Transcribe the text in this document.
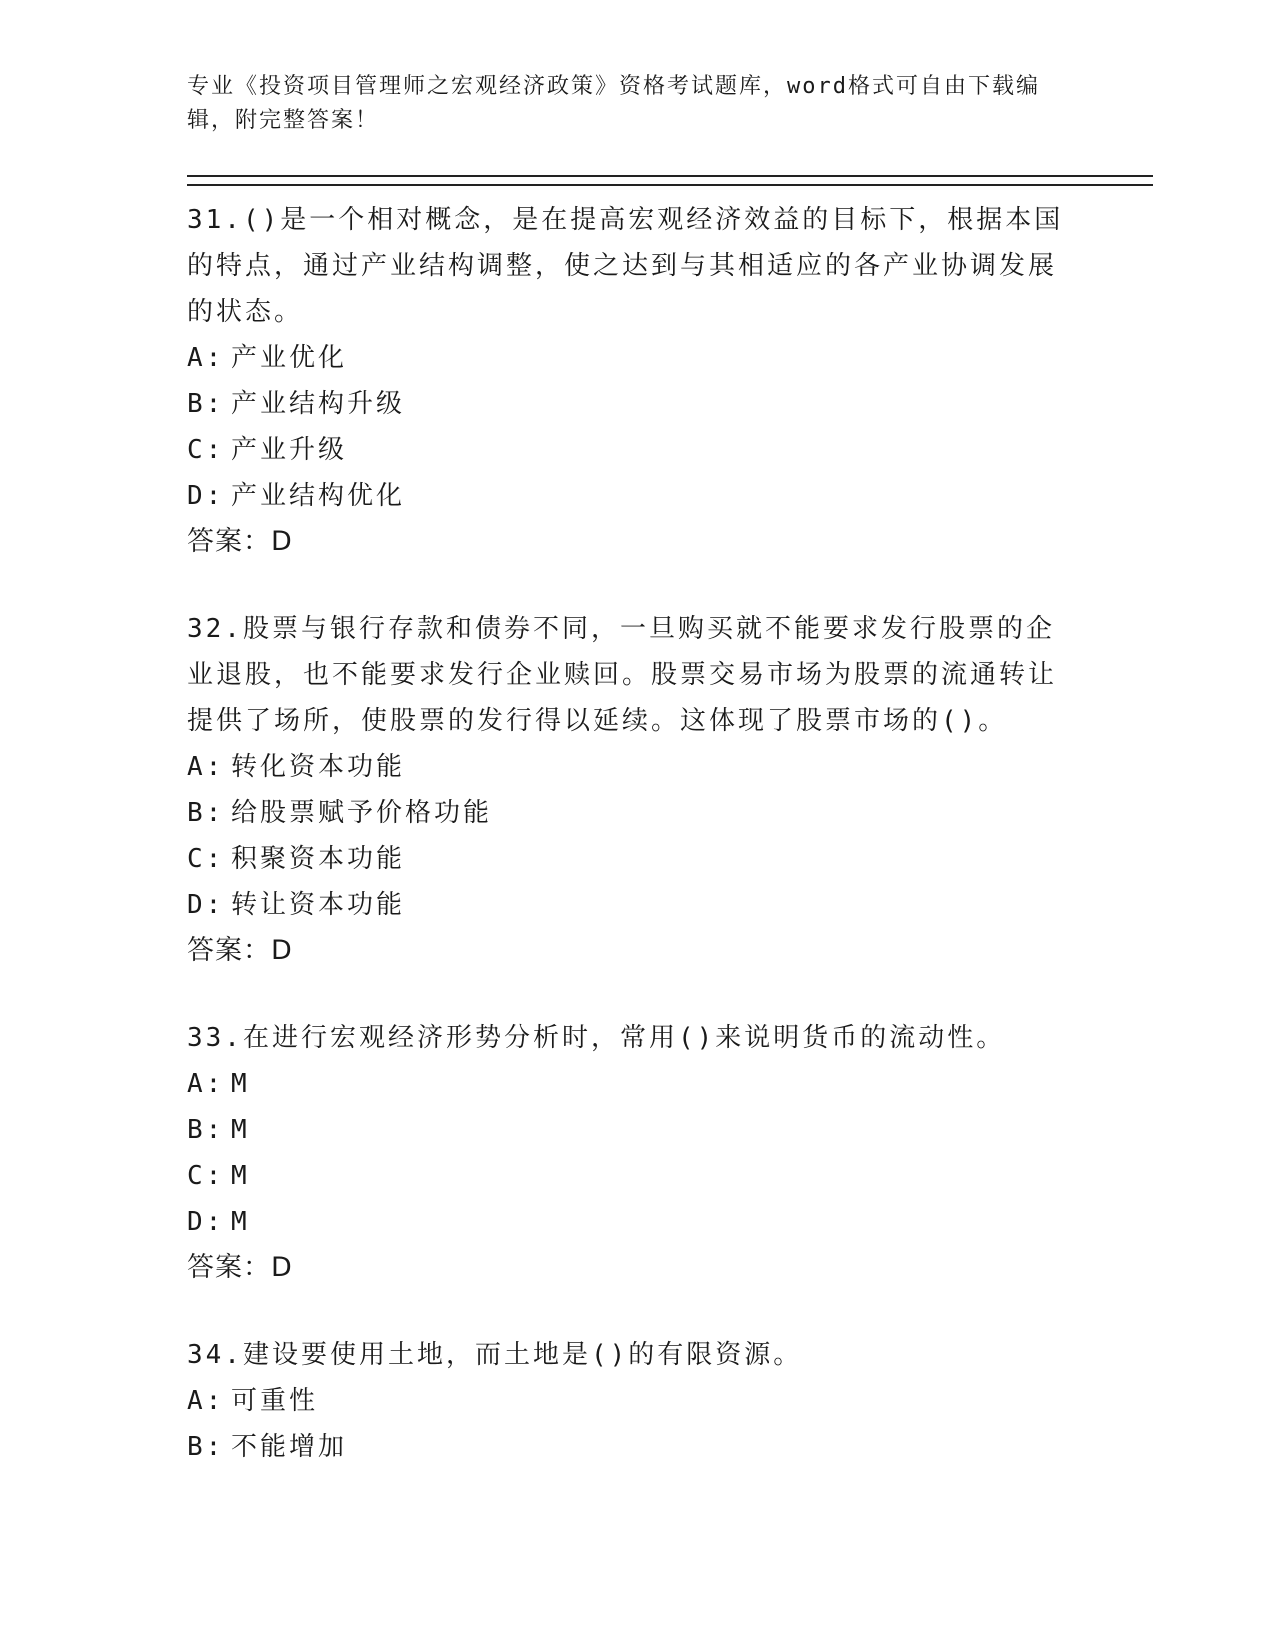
专业《投资项目管理师之宏观经济政策》资格考试题库，word格式可自由下载编辑，附完整答案！

31.()是一个相对概念，是在提高宏观经济效益的目标下，根据本国的特点，通过产业结构调整，使之达到与其相适应的各产业协调发展的状态。

A: 产业优化

B: 产业结构升级

C: 产业升级

D: 产业结构优化

答案：D

32.股票与银行存款和债券不同，一旦购买就不能要求发行股票的企业退股，也不能要求发行企业赎回。股票交易市场为股票的流通转让提供了场所，使股票的发行得以延续。这体现了股票市场的()。

A: 转化资本功能

B: 给股票赋予价格功能

C: 积聚资本功能

D: 转让资本功能

答案：D

33.在进行宏观经济形势分析时，常用()来说明货币的流动性。

A: M

B: M

C: M

D: M

答案：D

34.建设要使用土地，而土地是()的有限资源。

A: 可重性

B: 不能增加
